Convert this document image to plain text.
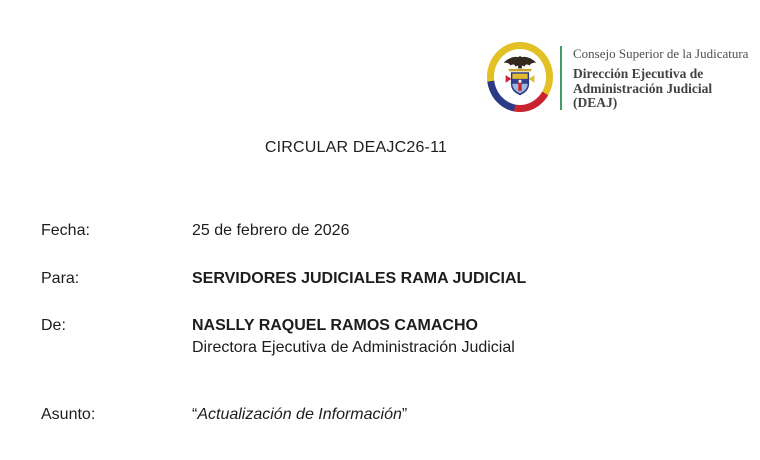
Consejo Superior de la Judicatura
Dirección Ejecutiva de
Administración Judicial
(DEAJ)
CIRCULAR DEAJC26-11
Fecha:	25 de febrero de 2026
Para:	SERVIDORES JUDICIALES RAMA JUDICIAL
De:	NASLLY RAQUEL RAMOS CAMACHO
Directora Ejecutiva de Administración Judicial
Asunto:	“Actualización de Información”
